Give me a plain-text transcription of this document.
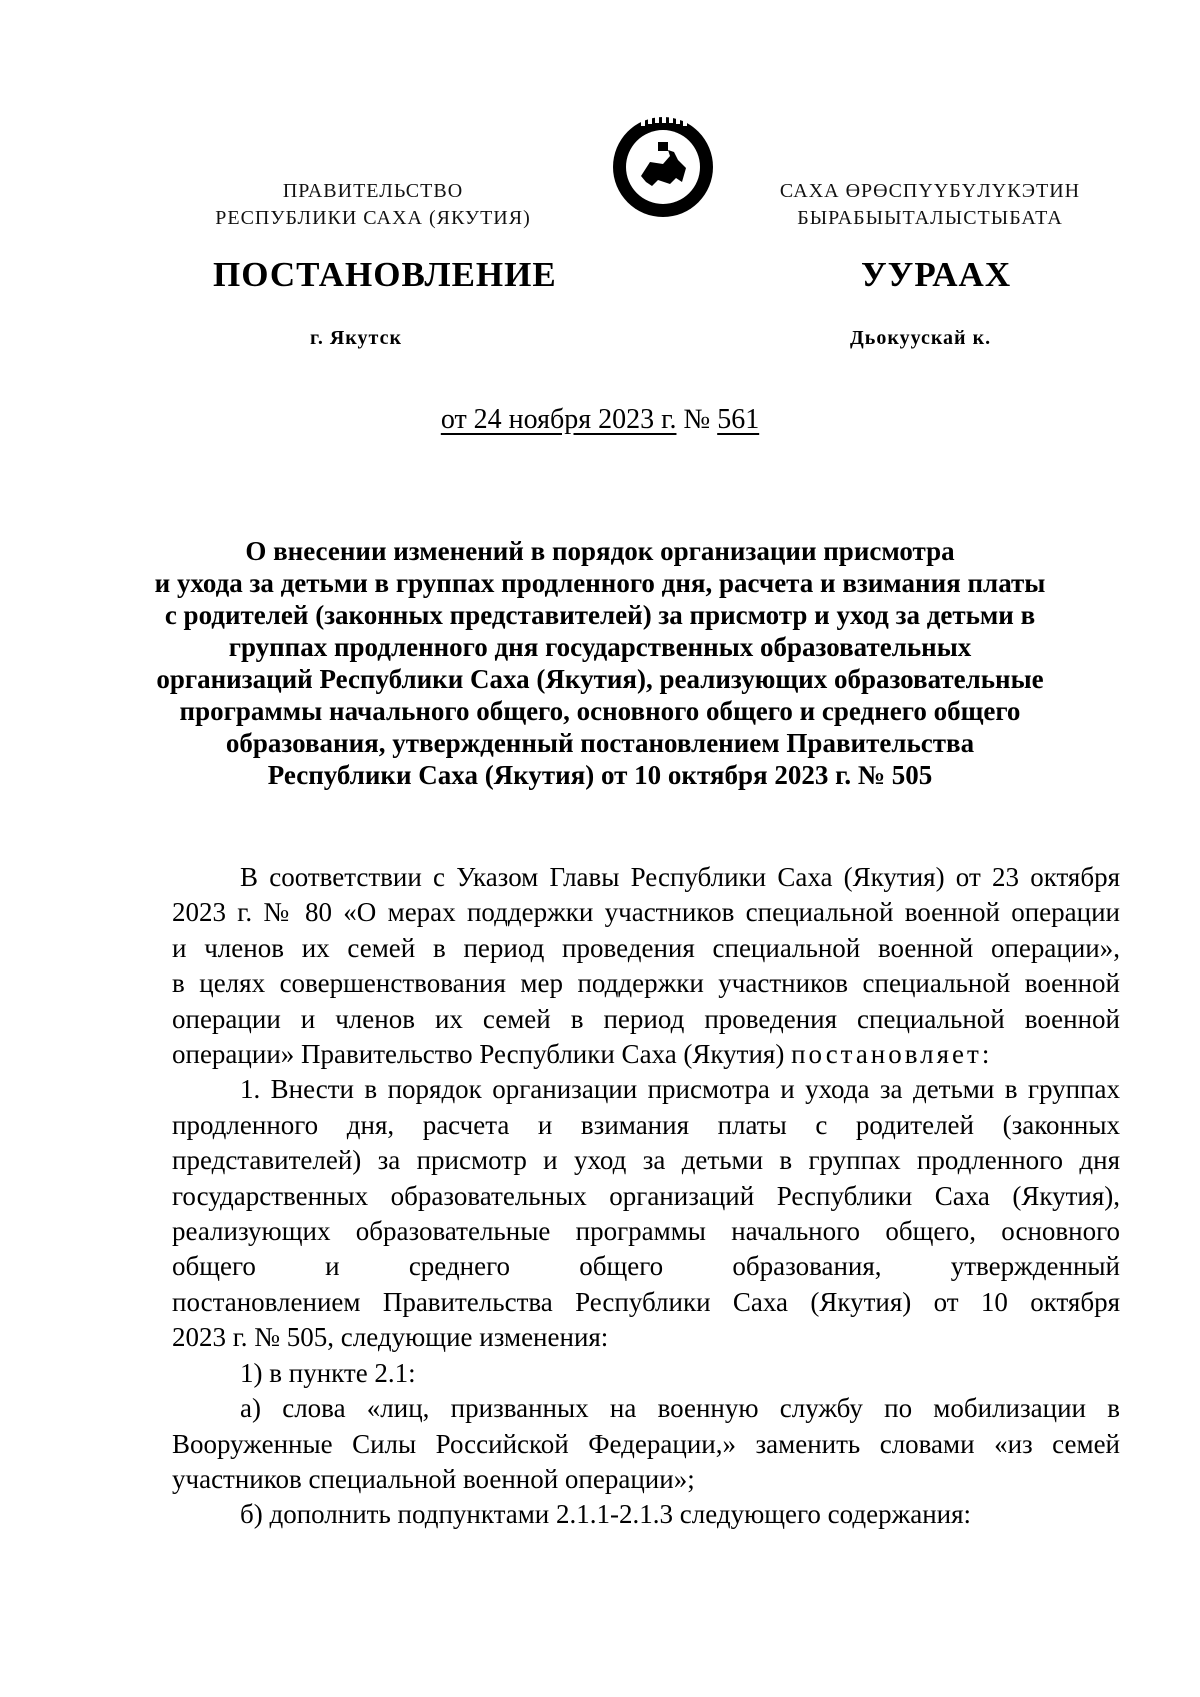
ПРАВИТЕЛЬСТВО
РЕСПУБЛИКИ САХА (ЯКУТИЯ)
САХА ӨРӨСПҮҮБҮЛҮКЭТИН
БЫРАБЫЫТАЛЫСТЫБАТА
ПОСТАНОВЛЕНИЕ	УУРААХ
г. Якутск	Дьокуускай к.
от 24 ноября 2023 г. № 561
О внесении изменений в порядок организации присмотра
и ухода за детьми в группах продленного дня, расчета и взимания платы
с родителей (законных представителей) за присмотр и уход за детьми в
группах продленного дня государственных образовательных
организаций Республики Саха (Якутия), реализующих образовательные
программы начального общего, основного общего и среднего общего
образования, утвержденный постановлением Правительства
Республики Саха (Якутия) от 10 октября 2023 г. № 505
В соответствии с Указом Главы Республики Саха (Якутия) от 23 октября
2023 г. № 80 «О мерах поддержки участников специальной военной операции
и членов их семей в период проведения специальной военной операции»,
в целях совершенствования мер поддержки участников специальной военной
операции и членов их семей в период проведения специальной военной
операции» Правительство Республики Саха (Якутия) постановляет:
1. Внести в порядок организации присмотра и ухода за детьми в группах
продленного дня, расчета и взимания платы с родителей (законных
представителей) за присмотр и уход за детьми в группах продленного дня
государственных образовательных организаций Республики Саха (Якутия),
реализующих образовательные программы начального общего, основного
общего и среднего общего образования, утвержденный
постановлением Правительства Республики Саха (Якутия) от 10 октября
2023 г. № 505, следующие изменения:
1) в пункте 2.1:
а) слова «лиц, призванных на военную службу по мобилизации в
Вооруженные Силы Российской Федерации,» заменить словами «из семей
участников специальной военной операции»;
б) дополнить подпунктами 2.1.1-2.1.3 следующего содержания:
